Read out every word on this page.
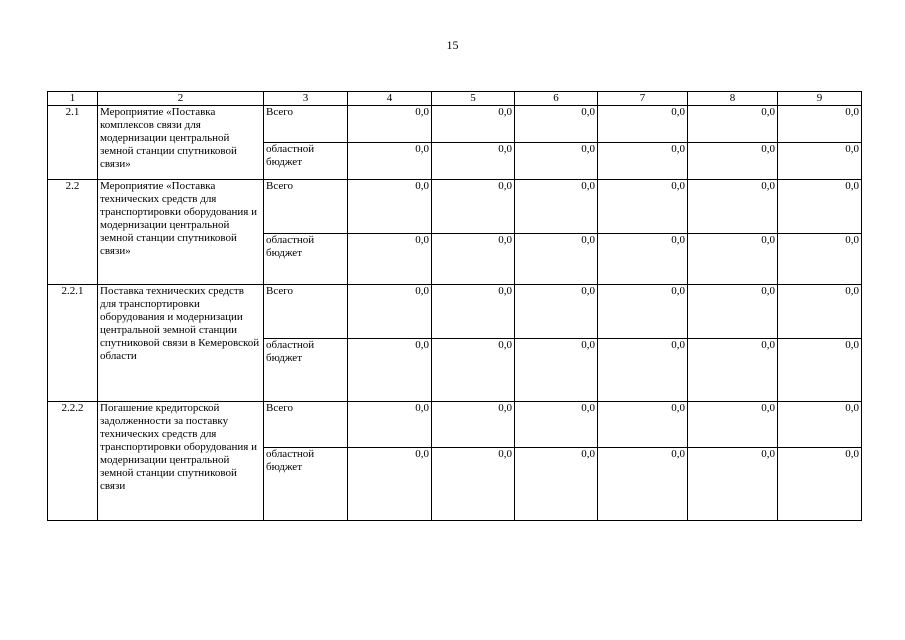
15
1	2	3	4	5	6	7	8	9
2.1	Мероприятие «Поставка комплексов связи для модернизации центральной земной станции спутниковой связи»	Всего	0,0	0,0	0,0	0,0	0,0	0,0
		областной бюджет	0,0	0,0	0,0	0,0	0,0	0,0
2.2	Мероприятие «Поставка технических средств для транспортировки оборудования и модернизации центральной земной станции спутниковой связи»	Всего	0,0	0,0	0,0	0,0	0,0	0,0
		областной бюджет	0,0	0,0	0,0	0,0	0,0	0,0
2.2.1	Поставка технических средств для транспортировки оборудования и модернизации центральной земной станции спутниковой связи в Кемеровской области	Всего	0,0	0,0	0,0	0,0	0,0	0,0
		областной бюджет	0,0	0,0	0,0	0,0	0,0	0,0
2.2.2	Погашение кредиторской задолженности за поставку технических средств для транспортировки оборудования и модернизации центральной земной станции спутниковой связи	Всего	0,0	0,0	0,0	0,0	0,0	0,0
		областной бюджет	0,0	0,0	0,0	0,0	0,0	0,0
